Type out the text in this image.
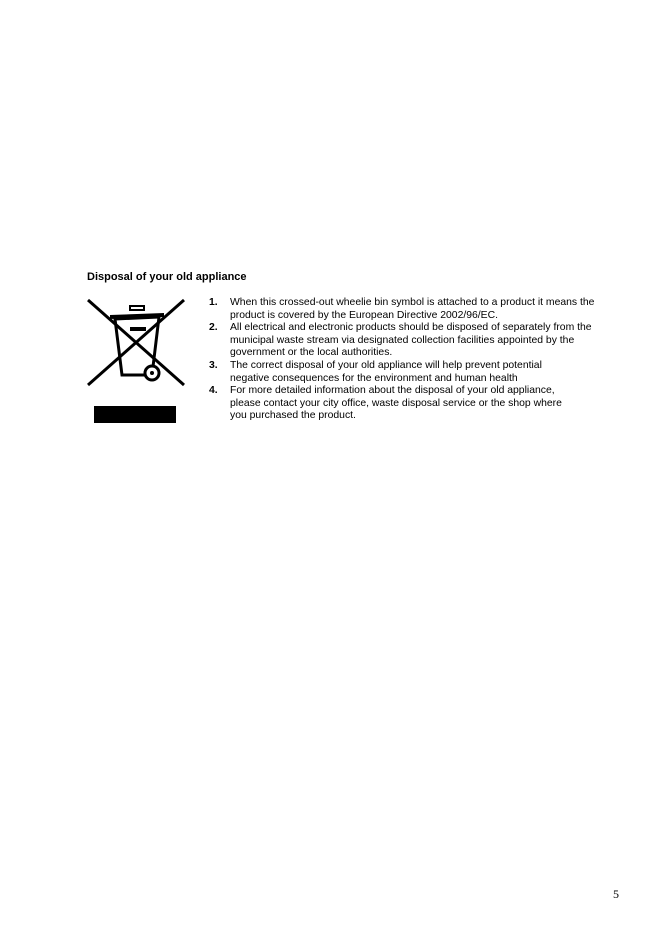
Disposal of your old appliance
1. When this crossed-out wheelie bin symbol is attached to a product it means the
product is covered by the European Directive 2002/96/EC.
2. All electrical and electronic products should be disposed of separately from the
municipal waste stream via designated collection facilities appointed by the
government or the local authorities.
3. The correct disposal of your old appliance will help prevent potential
negative consequences for the environment and human health
4. For more detailed information about the disposal of your old appliance,
please contact your city office, waste disposal service or the shop where
you purchased the product.
5
